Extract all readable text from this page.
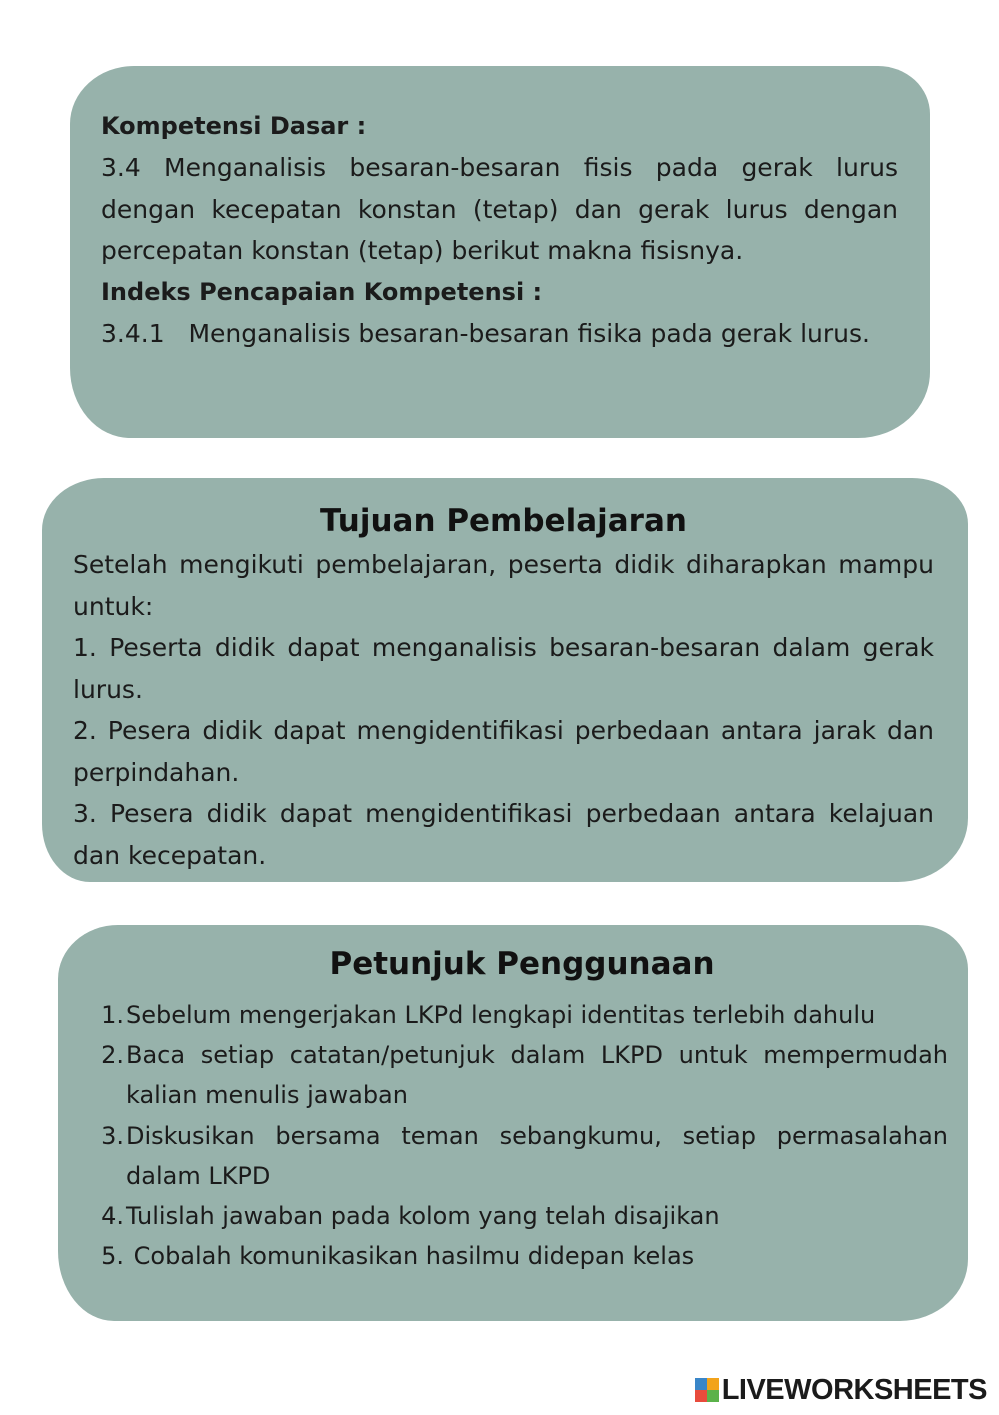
Kompetensi Dasar :
3.4 Menganalisis besaran-besaran fisis pada gerak lurus dengan kecepatan konstan (tetap) dan gerak lurus dengan percepatan konstan (tetap) berikut makna fisisnya.
Indeks Pencapaian Kompetensi :
3.4.1   Menganalisis besaran-besaran fisika pada gerak lurus.
Tujuan Pembelajaran
Setelah mengikuti pembelajaran, peserta didik diharapkan mampu untuk:
1. Peserta didik dapat menganalisis besaran-besaran dalam gerak lurus.
2. Pesera didik dapat mengidentifikasi perbedaan antara jarak dan perpindahan.
3. Pesera didik dapat mengidentifikasi perbedaan antara kelajuan dan kecepatan.
Petunjuk Penggunaan
1. Sebelum mengerjakan LKPd lengkapi identitas terlebih dahulu
2. Baca setiap catatan/petunjuk dalam LKPD untuk mempermudah kalian menulis jawaban
3. Diskusikan bersama teman sebangkumu, setiap permasalahan dalam LKPD
4. Tulislah jawaban pada kolom yang telah disajikan
5. Cobalah komunikasikan hasilmu didepan kelas
LIVEWORKSHEETS
